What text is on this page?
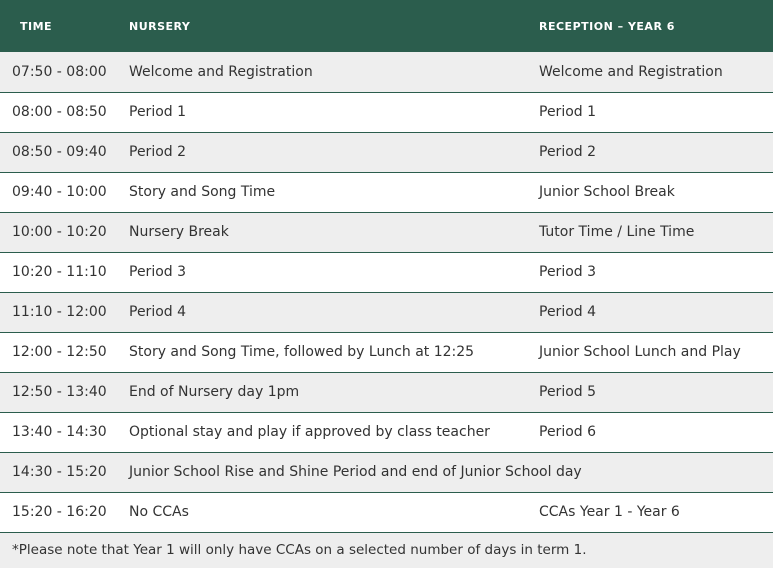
TIME	NURSERY	RECEPTION – YEAR 6
07:50 - 08:00	Welcome and Registration	Welcome and Registration
08:00 - 08:50	Period 1	Period 1
08:50 - 09:40	Period 2	Period 2
09:40 - 10:00	Story and Song Time	Junior School Break
10:00 - 10:20	Nursery Break	Tutor Time / Line Time
10:20 - 11:10	Period 3	Period 3
11:10 - 12:00	Period 4	Period 4
12:00 - 12:50	Story and Song Time, followed by Lunch at 12:25	Junior School Lunch and Play
12:50 - 13:40	End of Nursery day 1pm	Period 5
13:40 - 14:30	Optional stay and play if approved by class teacher	Period 6
14:30 - 15:20	Junior School Rise and Shine Period and end of Junior School day	
15:20 - 16:20	No CCAs	CCAs Year 1 - Year 6
*Please note that Year 1 will only have CCAs on a selected number of days in term 1.		
